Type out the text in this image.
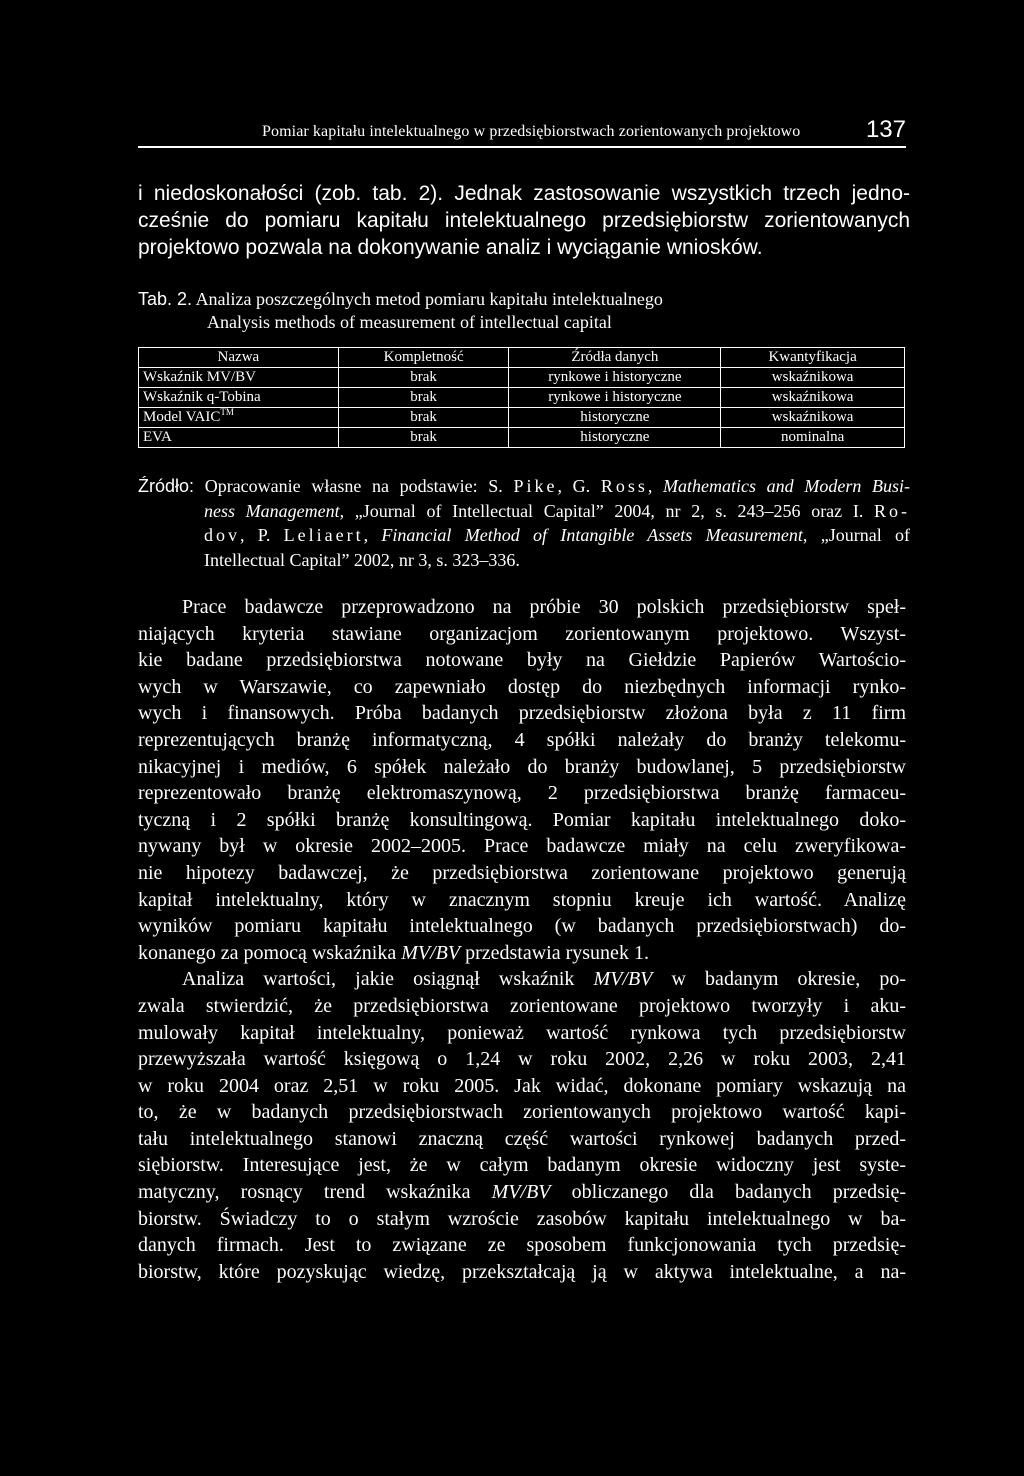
Pomiar kapitału intelektualnego w przedsiębiorstwach zorientowanych projektowo	137
i niedoskonałości (zob. tab. 2). Jednak zastosowanie wszystkich trzech jedno-
cześnie do pomiaru kapitału intelektualnego przedsiębiorstw zorientowanych
projektowo pozwala na dokonywanie analiz i wyciąganie wniosków.
Tab. 2. Analiza poszczególnych metod pomiaru kapitału intelektualnego
Analysis methods of measurement of intellectual capital
Nazwa	Kompletność	Źródła danych	Kwantyfikacja
Wskaźnik MV/BV	brak	rynkowe i historyczne	wskaźnikowa
Wskaźnik q-Tobina	brak	rynkowe i historyczne	wskaźnikowa
Model VAIC™	brak	historyczne	wskaźnikowa
EVA	brak	historyczne	nominalna
Źródło: Opracowanie własne na podstawie: S. Pike, G. Ross, Mathematics and Modern Busi-
ness Management, „Journal of Intellectual Capital” 2004, nr 2, s. 243–256 oraz I. Ro-
dov, P. Leliaert, Financial Method of Intangible Assets Measurement, „Journal of
Intellectual Capital” 2002, nr 3, s. 323–336.
Prace badawcze przeprowadzono na próbie 30 polskich przedsiębiorstw speł-
niających kryteria stawiane organizacjom zorientowanym projektowo. Wszyst-
kie badane przedsiębiorstwa notowane były na Giełdzie Papierów Wartościo-
wych w Warszawie, co zapewniało dostęp do niezbędnych informacji rynko-
wych i finansowych. Próba badanych przedsiębiorstw złożona była z 11 firm
reprezentujących branżę informatyczną, 4 spółki należały do branży telekomu-
nikacyjnej i mediów, 6 spółek należało do branży budowlanej, 5 przedsiębiorstw
reprezentowało branżę elektromaszynową, 2 przedsiębiorstwa branżę farmaceu-
tyczną i 2 spółki branżę konsultingową. Pomiar kapitału intelektualnego doko-
nywany był w okresie 2002–2005. Prace badawcze miały na celu zweryfikowa-
nie hipotezy badawczej, że przedsiębiorstwa zorientowane projektowo generują
kapitał intelektualny, który w znacznym stopniu kreuje ich wartość. Analizę
wyników pomiaru kapitału intelektualnego (w badanych przedsiębiorstwach) do-
konanego za pomocą wskaźnika MV/BV przedstawia rysunek 1.
Analiza wartości, jakie osiągnął wskaźnik MV/BV w badanym okresie, po-
zwala stwierdzić, że przedsiębiorstwa zorientowane projektowo tworzyły i aku-
mulowały kapitał intelektualny, ponieważ wartość rynkowa tych przedsiębiorstw
przewyższała wartość księgową o 1,24 w roku 2002, 2,26 w roku 2003, 2,41
w roku 2004 oraz 2,51 w roku 2005. Jak widać, dokonane pomiary wskazują na
to, że w badanych przedsiębiorstwach zorientowanych projektowo wartość kapi-
tału intelektualnego stanowi znaczną część wartości rynkowej badanych przed-
siębiorstw. Interesujące jest, że w całym badanym okresie widoczny jest syste-
matyczny, rosnący trend wskaźnika MV/BV obliczanego dla badanych przedsię-
biorstw. Świadczy to o stałym wzroście zasobów kapitału intelektualnego w ba-
danych firmach. Jest to związane ze sposobem funkcjonowania tych przedsię-
biorstw, które pozyskując wiedzę, przekształcają ją w aktywa intelektualne, a na-
